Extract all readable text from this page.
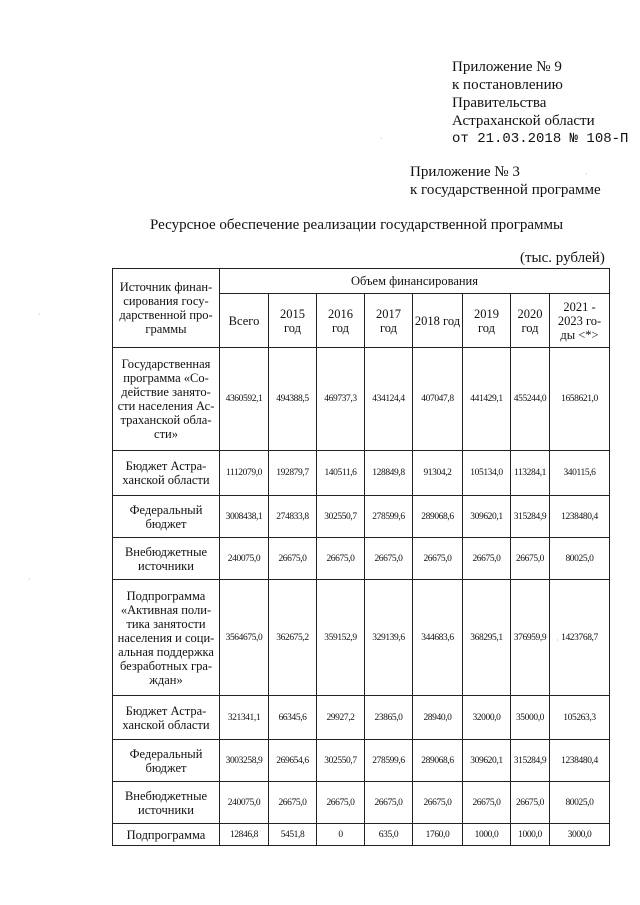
Приложение № 9
к постановлению
Правительства
Астраханской области
от 21.03.2018 № 108-П
Приложение № 3
к государственной программе
Ресурсное обеспечение реализации государственной программы
(тыс. рублей)
Источник финан-сирования госу-дарственной про-граммы	Объем финансирования							
	Всего	2015 год	2016 год	2017 год	2018 год	2019 год	2020 год	2021 - 2023 го-ды <*>
Государственная программа «Со-действие занято-сти населения Ас-траханской обла-сти»	4360592,1	494388,5	469737,3	434124,4	407047,8	441429,1	455244,0	1658621,0
Бюджет Астра-ханской области	1112079,0	192879,7	140511,6	128849,8	91304,2	105134,0	113284,1	340115,6
Федеральный бюджет	3008438,1	274833,8	302550,7	278599,6	289068,6	309620,1	315284,9	1238480,4
Внебюджетные источники	240075,0	26675,0	26675,0	26675,0	26675,0	26675,0	26675,0	80025,0
Подпрограмма «Активная поли-тика занятости населения и соци-альная поддержка безработных гра-ждан»	3564675,0	362675,2	359152,9	329139,6	344683,6	368295,1	376959,9	1423768,7
Бюджет Астра-ханской области	321341,1	66345,6	29927,2	23865,0	28940,0	32000,0	35000,0	105263,3
Федеральный бюджет	3003258,9	269654,6	302550,7	278599,6	289068,6	309620,1	315284,9	1238480,4
Внебюджетные источники	240075,0	26675,0	26675,0	26675,0	26675,0	26675,0	26675,0	80025,0
Подпрограмма	12846,8	5451,8	0	635,0	1760,0	1000,0	1000,0	3000,0
·
·
·
·
·
